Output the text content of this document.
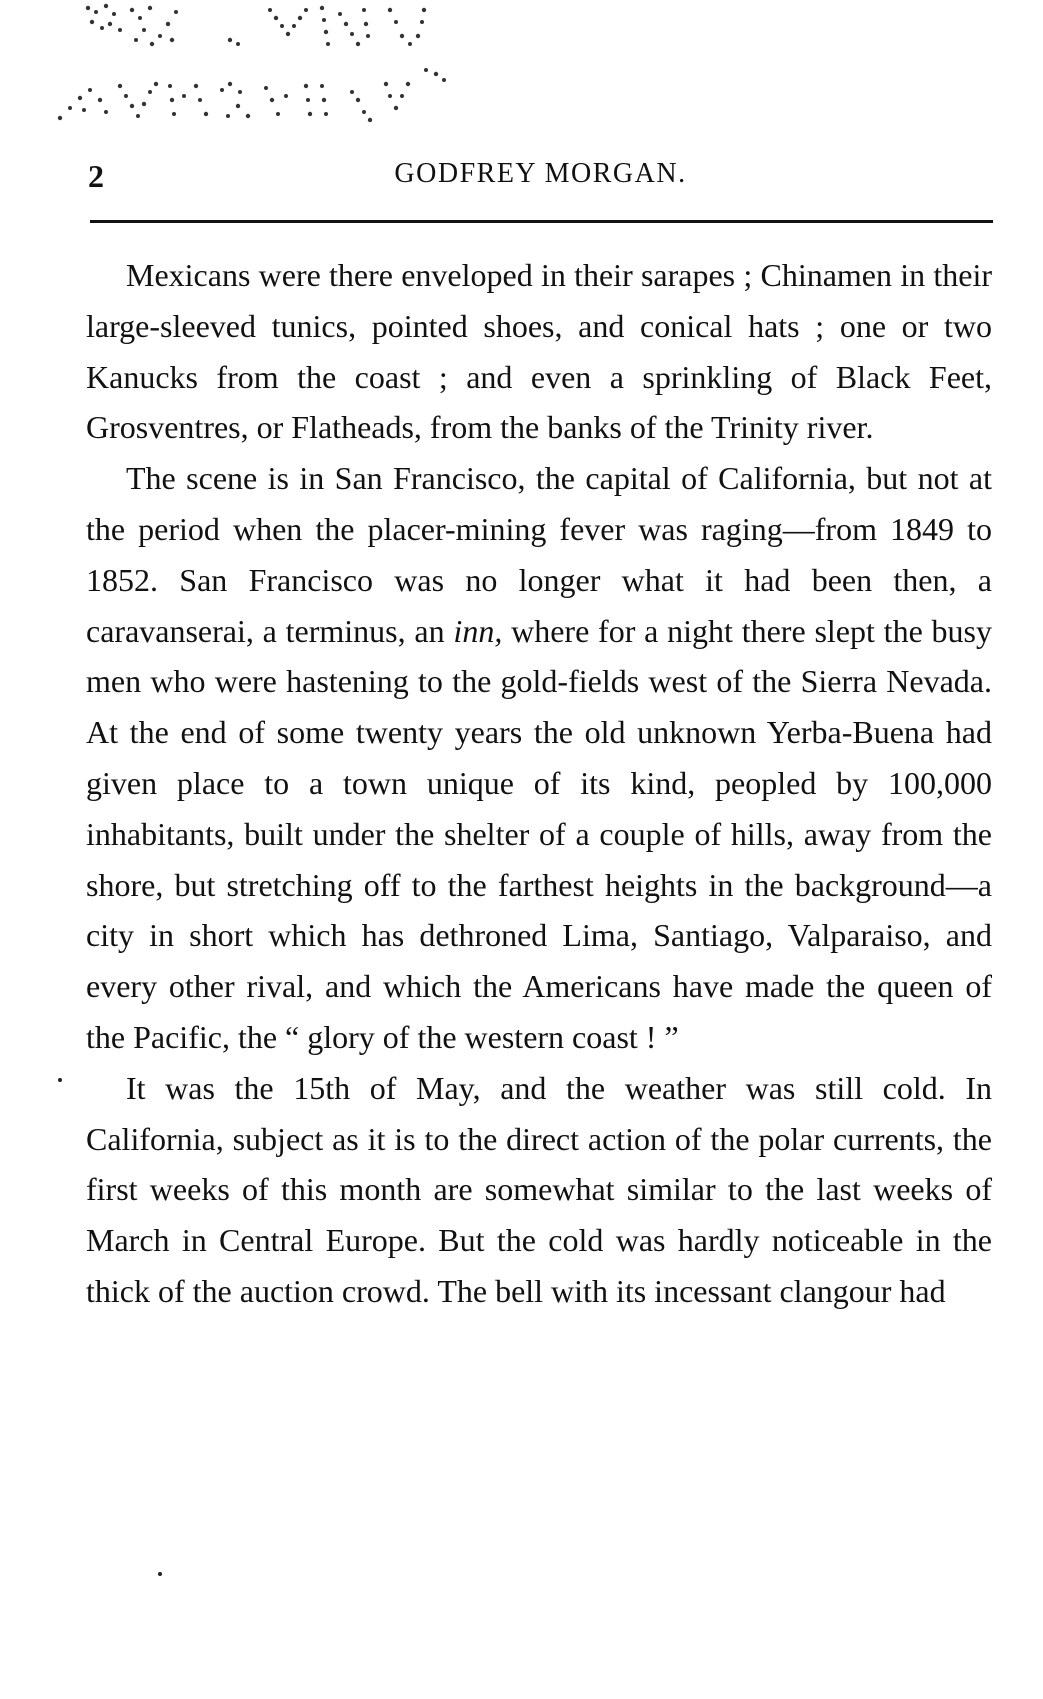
2	GODFREY MORGAN.

Mexicans were there enveloped in their sarapes ; Chinamen in their large-sleeved tunics, pointed shoes, and conical hats ; one or two Kanucks from the coast ; and even a sprinkling of Black Feet, Grosventres, or Flatheads, from the banks of the Trinity river.

The scene is in San Francisco, the capital of California, but not at the period when the placer-mining fever was raging—from 1849 to 1852. San Francisco was no longer what it had been then, a caravanserai, a terminus, an inn, where for a night there slept the busy men who were hastening to the gold-fields west of the Sierra Nevada. At the end of some twenty years the old unknown Yerba-Buena had given place to a town unique of its kind, peopled by 100,000 inhabitants, built under the shelter of a couple of hills, away from the shore, but stretching off to the farthest heights in the background—a city in short which has dethroned Lima, Santiago, Valparaiso, and every other rival, and which the Americans have made the queen of the Pacific, the “ glory of the western coast ! ”

It was the 15th of May, and the weather was still cold. In California, subject as it is to the direct action of the polar currents, the first weeks of this month are somewhat similar to the last weeks of March in Central Europe. But the cold was hardly noticeable in the thick of the auction crowd. The bell with its incessant clangour had
